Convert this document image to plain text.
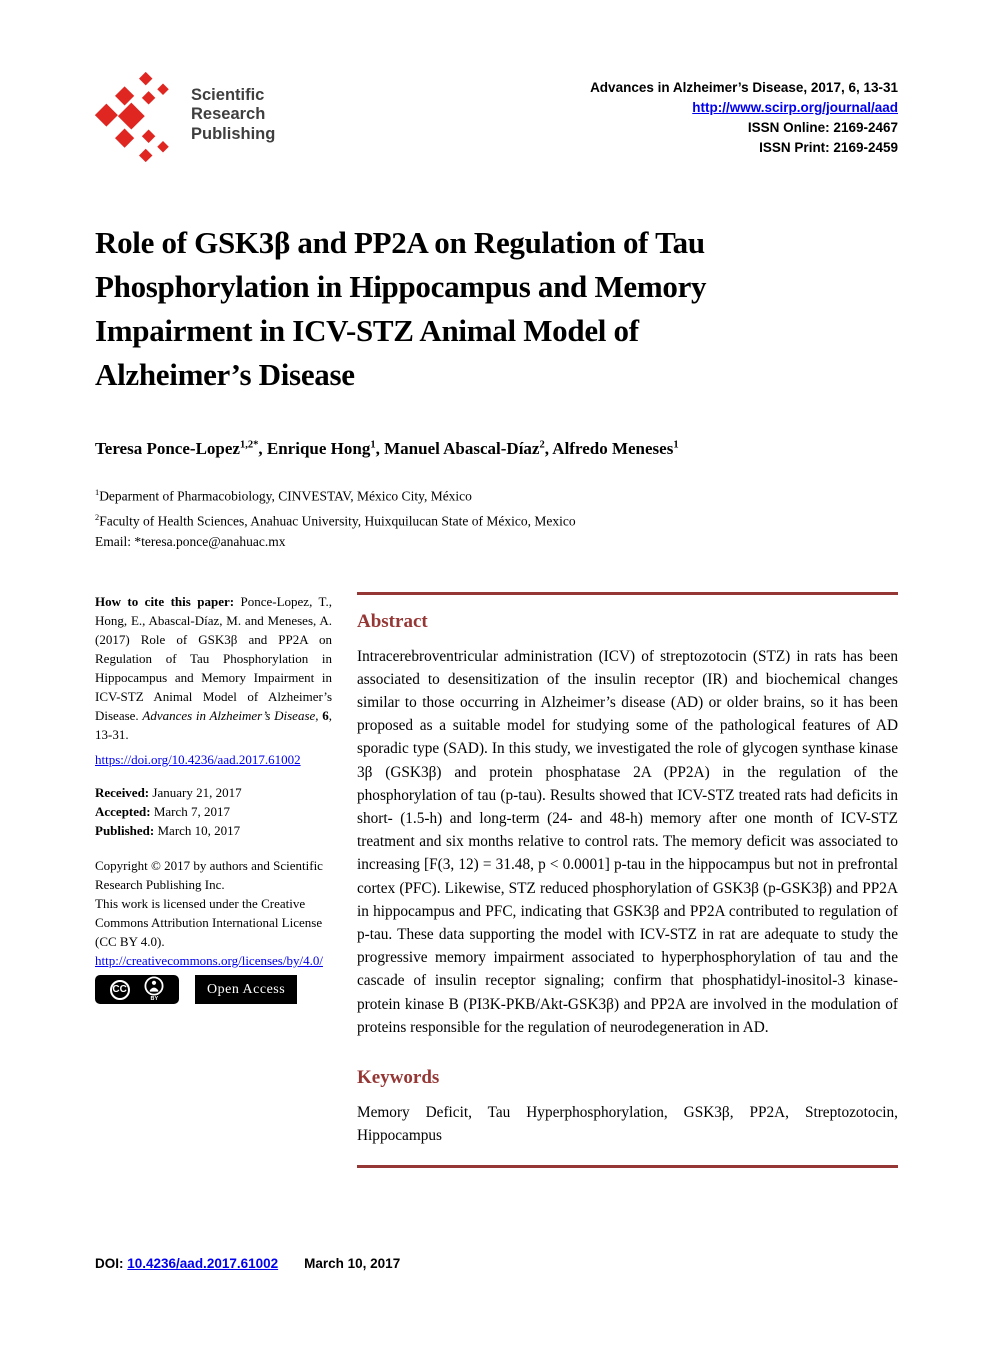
Scientific
Research
Publishing
Advances in Alzheimer’s Disease, 2017, 6, 13-31
http://www.scirp.org/journal/aad
ISSN Online: 2169-2467
ISSN Print: 2169-2459
Role of GSK3β and PP2A on Regulation of Tau
Phosphorylation in Hippocampus and Memory
Impairment in ICV-STZ Animal Model of
Alzheimer’s Disease
Teresa Ponce-Lopez$^{1,2*}$, Enrique Hong$^1$, Manuel Abascal-Díaz$^2$, Alfredo Meneses$^1$
$^1$Deparment of Pharmacobiology, CINVESTAV, México City, México
$^2$Faculty of Health Sciences, Anahuac University, Huixquilucan State of México, Mexico
Email: *teresa.ponce@anahuac.mx

How to cite this paper: Ponce-Lopez, T., Hong, E., Abascal-Díaz, M. and Meneses, A. (2017) Role of GSK3β and PP2A on Regulation of Tau Phosphorylation in Hippocampus and Memory Impairment in ICV-STZ Animal Model of Alzheimer’s Disease. Advances in Alzheimer’s Disease, 6, 13-31.

https://doi.org/10.4236/aad.2017.61002
Received: January 21, 2017
Accepted: March 7, 2017
Published: March 10, 2017
Copyright © 2017 by authors and Scientific Research Publishing Inc.
This work is licensed under the Creative Commons Attribution International License (CC BY 4.0).
http://creativecommons.org/licenses/by/4.0/
CC
BY
Open Access
Abstract

Intracerebroventricular administration (ICV) of streptozotocin (STZ) in rats has been associated to desensitization of the insulin receptor (IR) and biochemical changes similar to those occurring in Alzheimer’s disease (AD) or older brains, so it has been proposed as a suitable model for studying some of the pathological features of AD sporadic type (SAD). In this study, we investigated the role of glycogen synthase kinase 3β (GSK3β) and protein phosphatase 2A (PP2A) in the regulation of the phosphorylation of tau (p-tau). Results showed that ICV-STZ treated rats had deficits in short- (1.5-h) and long-term (24- and 48-h) memory after one month of ICV-STZ treatment and six months relative to control rats. The memory deficit was associated to increasing [F(3, 12) = 31.48, p < 0.0001] p-tau in the hippocampus but not in prefrontal cortex (PFC). Likewise, STZ reduced phosphorylation of GSK3β (p-GSK3β) and PP2A in hippocampus and PFC, indicating that GSK3β and PP2A contributed to regulation of p-tau. These data supporting the model with ICV-STZ in rat are adequate to study the progressive memory impairment associated to hyperphosphorylation of tau and the cascade of insulin receptor signaling; confirm that phosphatidyl-inositol-3 kinase-protein kinase B (PI3K-PKB/Akt-GSK3β) and PP2A are involved in the modulation of proteins responsible for the regulation of neurodegeneration in AD.

Keywords

Memory Deficit, Tau Hyperphosphorylation, GSK3β, PP2A, Streptozotocin, Hippocampus

DOI: 10.4236/aad.2017.61002 March 10, 2017
